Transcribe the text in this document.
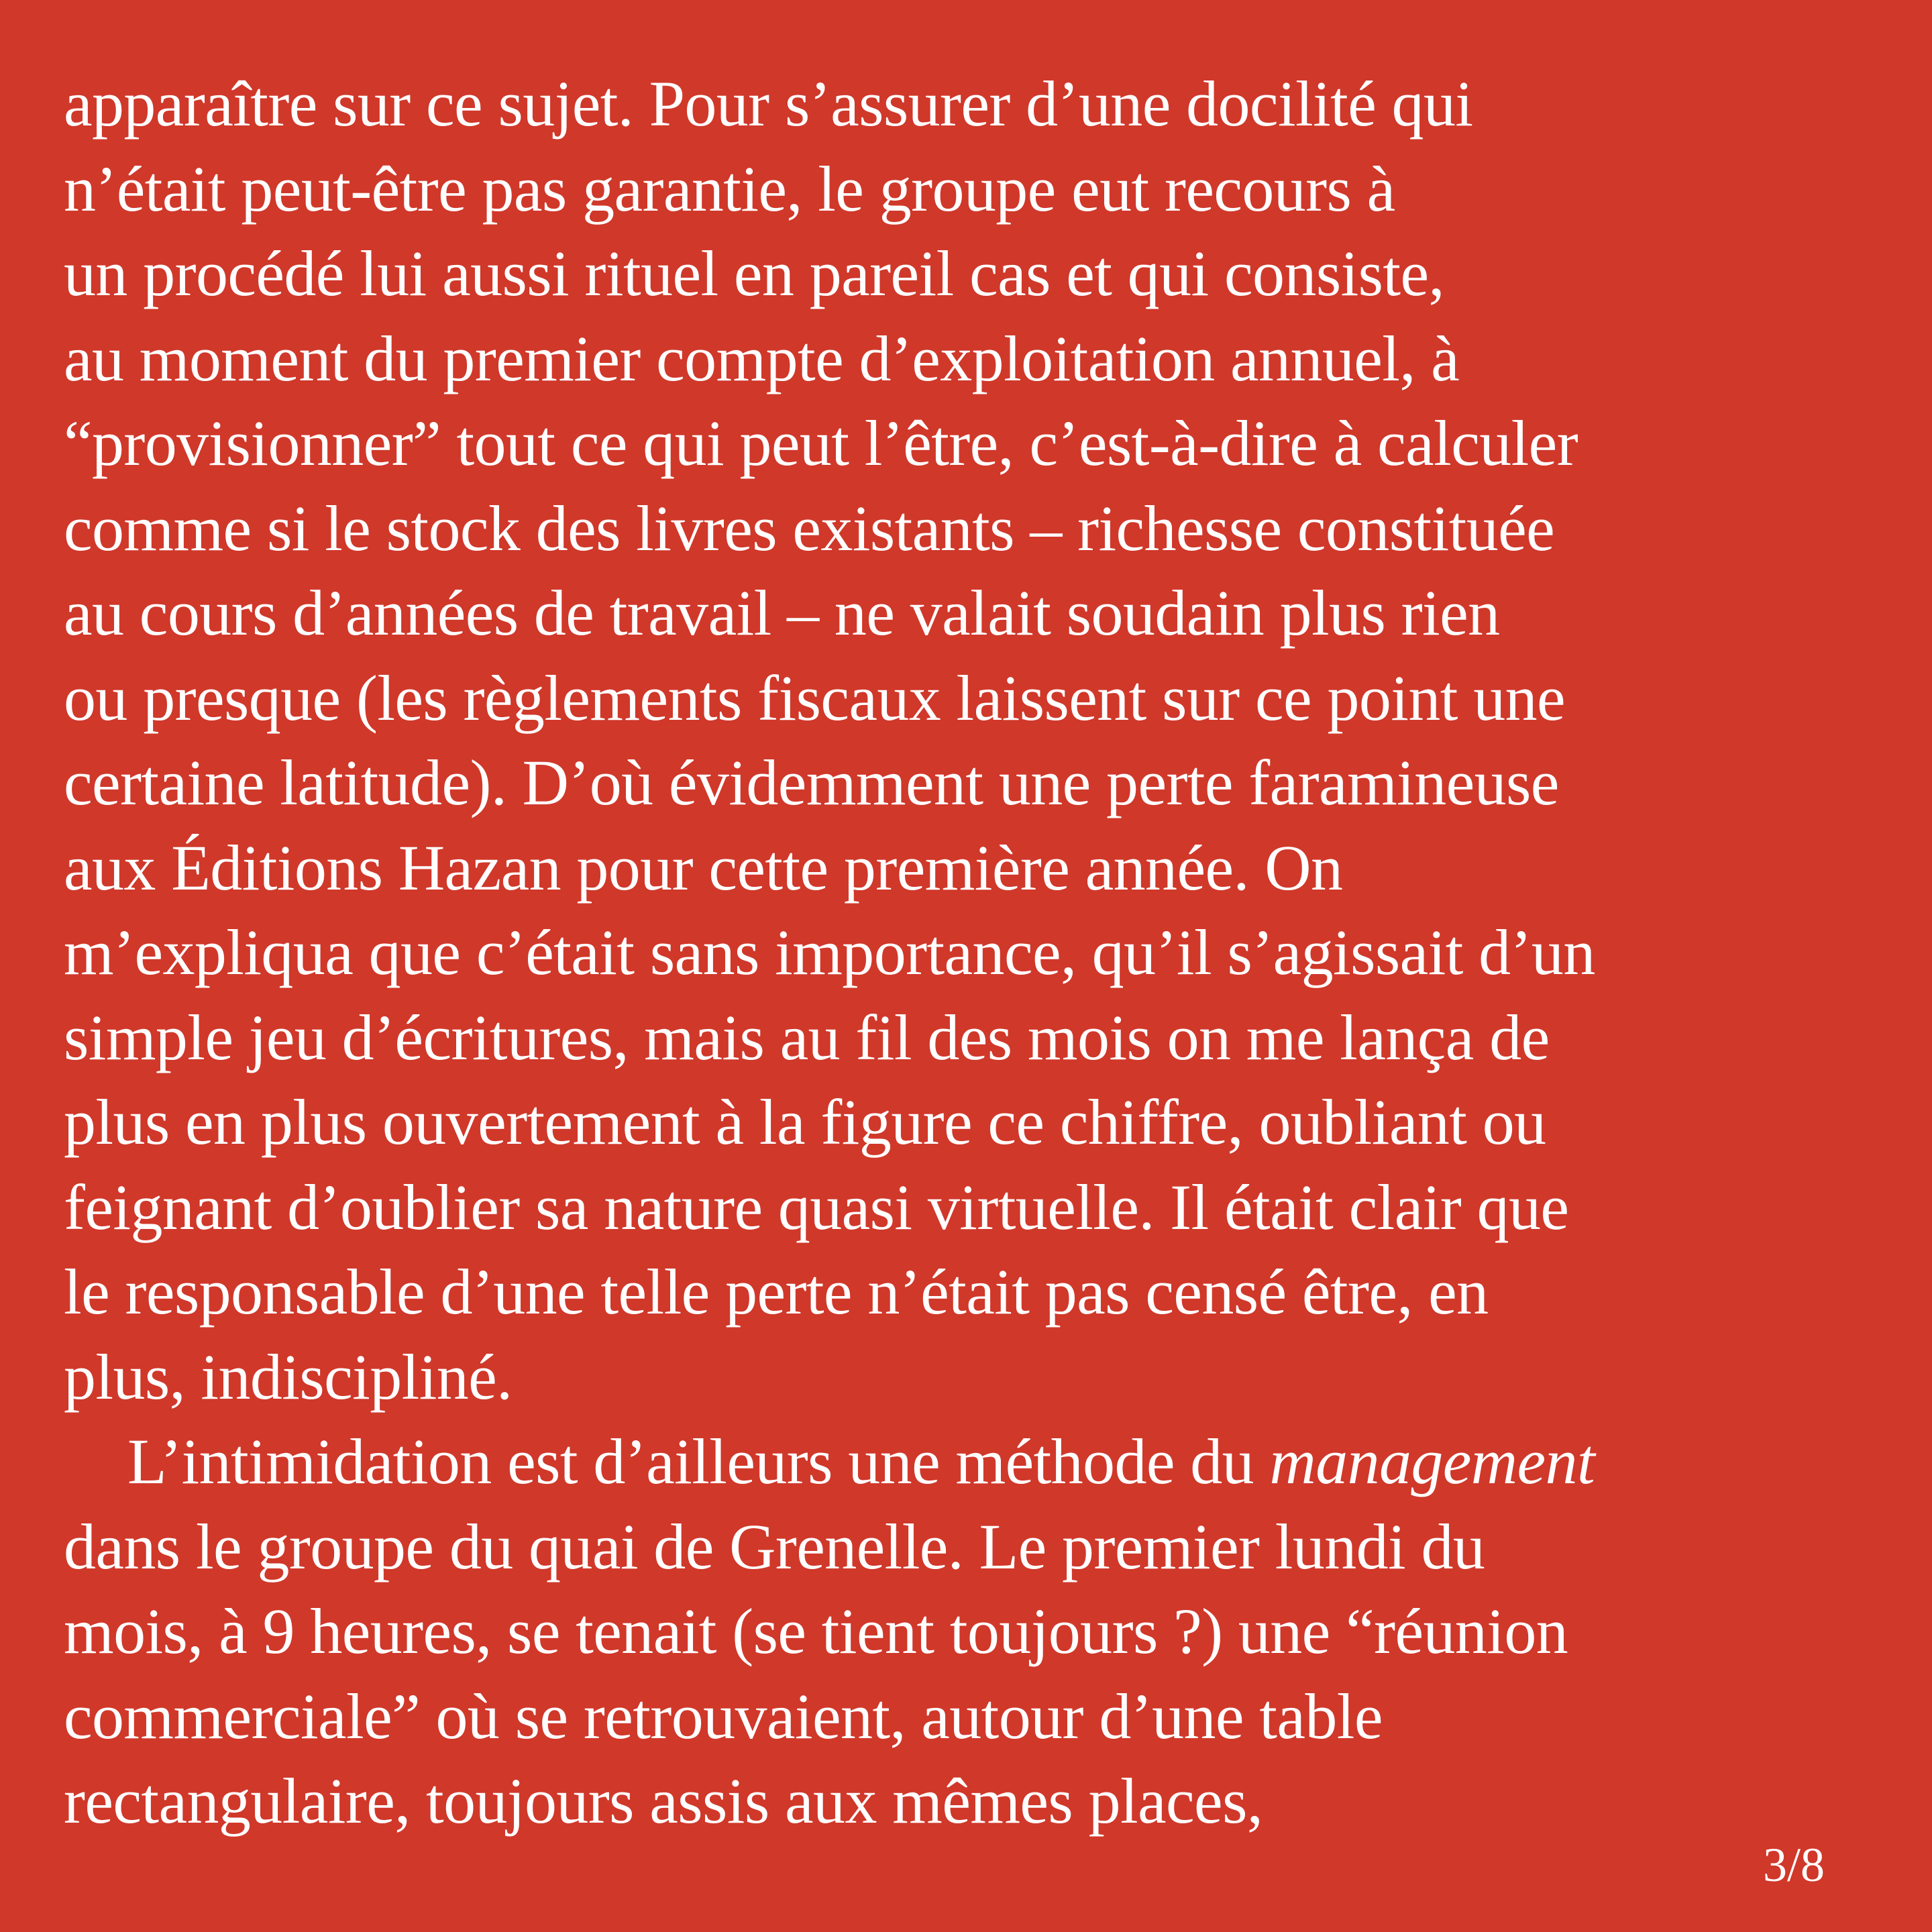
apparaître sur ce sujet. Pour s’assurer d’une docilité qui
n’était peut-être pas garantie, le groupe eut recours à
un procédé lui aussi rituel en pareil cas et qui consiste,
au moment du premier compte d’exploitation annuel, à
“provisionner” tout ce qui peut l’être, c’est-à-dire à calculer
comme si le stock des livres existants – richesse constituée
au cours d’années de travail – ne valait soudain plus rien
ou presque (les règlements fiscaux laissent sur ce point une
certaine latitude). D’où évidemment une perte faramineuse
aux Éditions Hazan pour cette première année. On
m’expliqua que c’était sans importance, qu’il s’agissait d’un
simple jeu d’écritures, mais au fil des mois on me lança de
plus en plus ouvertement à la figure ce chiffre, oubliant ou
feignant d’oublier sa nature quasi virtuelle. Il était clair que
le responsable d’une telle perte n’était pas censé être, en
plus, indiscipliné.
L’intimidation est d’ailleurs une méthode du management
dans le groupe du quai de Grenelle. Le premier lundi du
mois, à 9 heures, se tenait (se tient toujours ?) une “réunion
commerciale” où se retrouvaient, autour d’une table
rectangulaire, toujours assis aux mêmes places,
3/8
